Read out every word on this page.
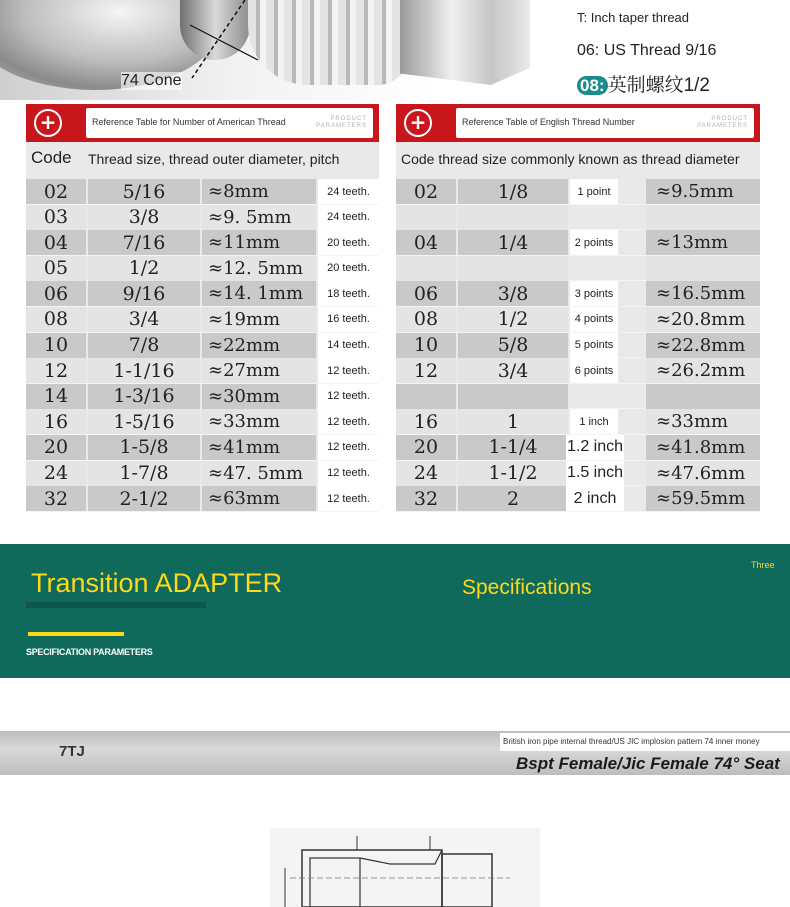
74 Cone
T: Inch taper thread
06: US Thread 9/16
08: 英制螺纹1/2
+	Reference Table for Number of American Thread	PRODUCT
PARAMETERS
Code Thread size, thread outer diameter, pitch
02	5/16	≈8mm	24 teeth.
03	3/8	≈9. 5mm	24 teeth.
04	7/16	≈11mm	20 teeth.
05	1/2	≈12. 5mm	20 teeth.
06	9/16	≈14. 1mm	18 teeth.
08	3/4	≈19mm	16 teeth.
10	7/8	≈22mm	14 teeth.
12	1-1/16	≈27mm	12 teeth.
14	1-3/16	≈30mm	12 teeth.
16	1-5/16	≈33mm	12 teeth.
20	1-5/8	≈41mm	12 teeth.
24	1-7/8	≈47. 5mm	12 teeth.
32	2-1/2	≈63mm	12 teeth.
+	Reference Table of English Thread Number	PRODUCT
PARAMETERS
Code thread size commonly known as thread diameter
02	1/8	1 point	≈9.5mm
04	1/4	2 points	≈13mm
06	3/8	3 points	≈16.5mm
08	1/2	4 points	≈20.8mm
10	5/8	5 points	≈22.8mm
12	3/4	6 points	≈26.2mm
16	1	1 inch	≈33mm
20	1-1/4	1.2 inch	≈41.8mm
24	1-1/2	1.5 inch	≈47.6mm
32	2	2 inch	≈59.5mm
Transition ADAPTER	Specifications
Three
SPECIFICATION PARAMETERS
7TJ
British iron pipe internal thread/US JIC implosion pattern 74 inner money
Bspt Female/Jic Female 74° Seat
